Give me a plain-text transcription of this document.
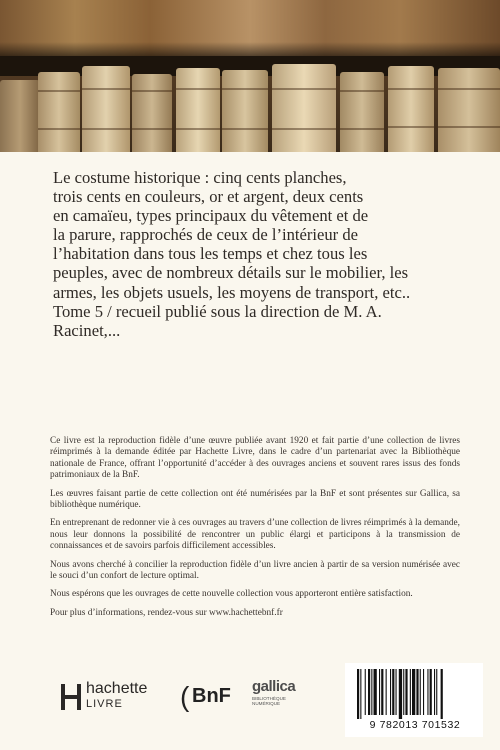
Le costume historique : cinq cents planches,

trois cents en couleurs, or et argent, deux cents

en camaïeu, types principaux du vêtement et de

la parure, rapprochés de ceux de l’intérieur de

l’habitation dans tous les temps et chez tous les

peuples, avec de nombreux détails sur le mobilier, les

armes, les objets usuels, les moyens de transport, etc..

Tome 5 / recueil publié sous la direction de M. A.

Racinet,...

Ce livre est la reproduction fidèle d’une œuvre publiée avant 1920 et fait partie d’une collection de livres réimprimés à la demande éditée par Hachette Livre, dans le cadre d’un partenariat avec la Bibliothèque nationale de France, offrant l’opportunité d’accéder à des ouvrages anciens et souvent rares issus des fonds patrimoniaux de la BnF.

Les œuvres faisant partie de cette collection ont été numérisées par la BnF et sont présentes sur Gallica, sa bibliothèque numérique.

En entreprenant de redonner vie à ces ouvrages au travers d’une collection de livres réimprimés à la demande, nous leur donnons la possibilité de rencontrer un public élargi et participons à la transmission de connaissances et de savoirs parfois difficilement accessibles.

Nous avons cherché à concilier la reproduction fidèle d’un livre ancien à partir de sa version numérisée avec le souci d’un confort de lecture optimal.

Nous espérons que les ouvrages de cette nouvelle collection vous apporteront entière satisfaction.

Pour plus d’informations, rendez-vous sur www.hachettebnf.fr

hachette
LIVRE ( BnF gallica
BIBLIOTHÈQUE NUMÉRIQUE
9 782013 701532
